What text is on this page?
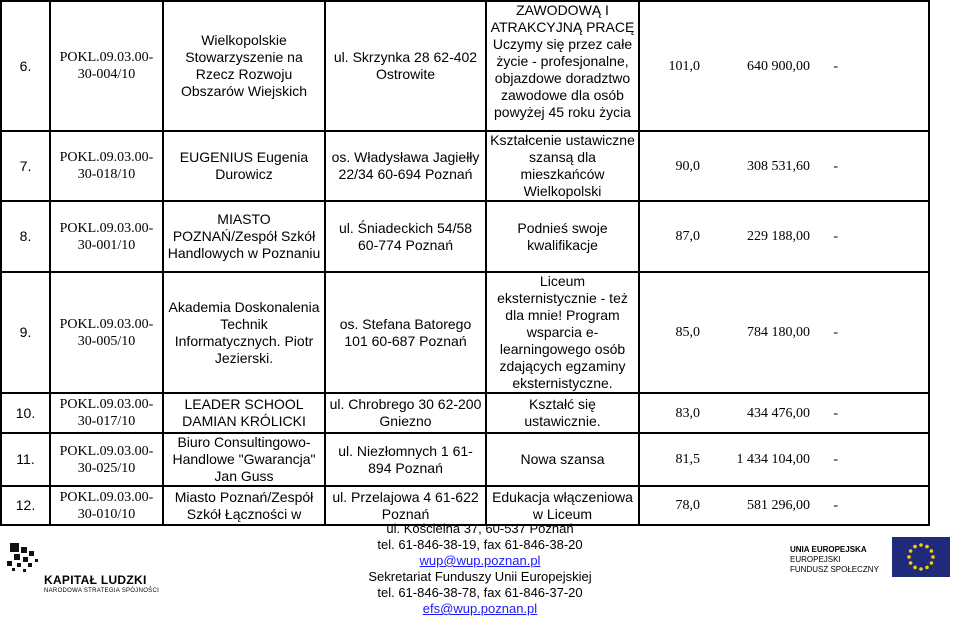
6.	POKL.09.03.00-30-004/10	Wielkopolskie Stowarzyszenie na Rzecz Rozwoju Obszarów Wiejskich	ul. Skrzynka 28 62-402 Ostrowite	ZAWODOWĄ I ATRAKCYJNĄ PRACĘ Uczymy się przez całe życie - profesjonalne, objazdowe doradztwo zawodowe dla osób powyżej 45 roku życia	101,0 640 900,00 -
7.	POKL.09.03.00-30-018/10	EUGENIUS Eugenia Durowicz	os. Władysława Jagiełły 22/34 60-694 Poznań	Kształcenie ustawiczne szansą dla mieszkańców Wielkopolski	90,0 308 531,60 -
8.	POKL.09.03.00-30-001/10	MIASTO POZNAŃ/Zespół Szkół Handlowych w Poznaniu	ul. Śniadeckich 54/58 60-774 Poznań	Podnieś swoje kwalifikacje	87,0 229 188,00 -
9.	POKL.09.03.00-30-005/10	Akademia Doskonalenia Technik Informatycznych. Piotr Jezierski.	os. Stefana Batorego 101 60-687 Poznań	Liceum eksternistycznie - też dla mnie! Program wsparcia e-learningowego osób zdających egzaminy eksternistyczne.	85,0 784 180,00 -
10.	POKL.09.03.00-30-017/10	LEADER SCHOOL DAMIAN KRÓLICKI	ul. Chrobrego 30 62-200 Gniezno	Kształć się ustawicznie.	83,0 434 476,00 -
11.	POKL.09.03.00-30-025/10	Biuro Consultingowo-Handlowe "Gwarancja" Jan Guss	ul. Niezłomnych 1 61-894 Poznań	Nowa szansa	81,5 1 434 104,00 -
12.	POKL.09.03.00-30-010/10	Miasto Poznań/Zespół Szkół Łączności w	ul. Przelajowa 4 61-622 Poznań	Edukacja włączeniowa w Liceum	78,0 581 296,00 -
KAPITAŁ LUDZKI
NARODOWA STRATEGIA SPÓJNOŚCI
ul. Kościelna 37, 60-537 Poznań
tel. 61-846-38-19, fax 61-846-38-20
wup@wup.poznan.pl
Sekretariat Funduszy Unii Europejskiej
tel. 61-846-38-78, fax 61-846-37-20
efs@wup.poznan.pl
UNIA EUROPEJSKA
EUROPEJSKI
FUNDUSZ SPOŁECZNY
